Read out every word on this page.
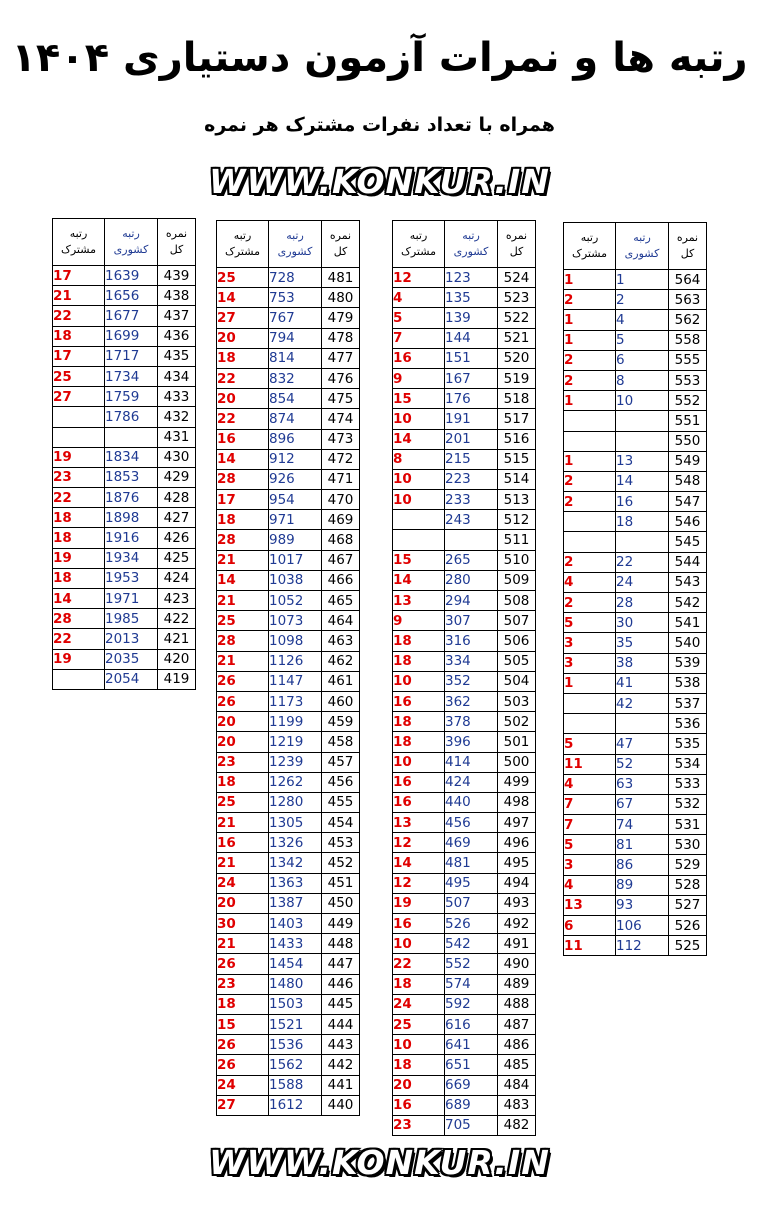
رتبه ها و نمرات آزمون دستیاری ۱۴۰۴
همراه با تعداد نفرات مشترک هر نمره
WWW.KONKUR.IN
رتبه مشترک	رتبه کشوری	نمره کل
17	1639	439
21	1656	438
22	1677	437
18	1699	436
17	1717	435
25	1734	434
27	1759	433
	1786	432
		431
19	1834	430
23	1853	429
22	1876	428
18	1898	427
18	1916	426
19	1934	425
18	1953	424
14	1971	423
28	1985	422
22	2013	421
19	2035	420
	2054	419
رتبه مشترک	رتبه کشوری	نمره کل
25	728	481
14	753	480
27	767	479
20	794	478
18	814	477
22	832	476
20	854	475
22	874	474
16	896	473
14	912	472
28	926	471
17	954	470
18	971	469
28	989	468
21	1017	467
14	1038	466
21	1052	465
25	1073	464
28	1098	463
21	1126	462
26	1147	461
26	1173	460
20	1199	459
20	1219	458
23	1239	457
18	1262	456
25	1280	455
21	1305	454
16	1326	453
21	1342	452
24	1363	451
20	1387	450
30	1403	449
21	1433	448
26	1454	447
23	1480	446
18	1503	445
15	1521	444
26	1536	443
26	1562	442
24	1588	441
27	1612	440
رتبه مشترک	رتبه کشوری	نمره کل
12	123	524
4	135	523
5	139	522
7	144	521
16	151	520
9	167	519
15	176	518
10	191	517
14	201	516
8	215	515
10	223	514
10	233	513
	243	512
		511
15	265	510
14	280	509
13	294	508
9	307	507
18	316	506
18	334	505
10	352	504
16	362	503
18	378	502
18	396	501
10	414	500
16	424	499
16	440	498
13	456	497
12	469	496
14	481	495
12	495	494
19	507	493
16	526	492
10	542	491
22	552	490
18	574	489
24	592	488
25	616	487
10	641	486
18	651	485
20	669	484
16	689	483
23	705	482
رتبه مشترک	رتبه کشوری	نمره کل
1	1	564
2	2	563
1	4	562
1	5	558
2	6	555
2	8	553
1	10	552
		551
		550
1	13	549
2	14	548
2	16	547
	18	546
		545
2	22	544
4	24	543
2	28	542
5	30	541
3	35	540
3	38	539
1	41	538
	42	537
		536
5	47	535
11	52	534
4	63	533
7	67	532
7	74	531
5	81	530
3	86	529
4	89	528
13	93	527
6	106	526
11	112	525
WWW.KONKUR.IN
